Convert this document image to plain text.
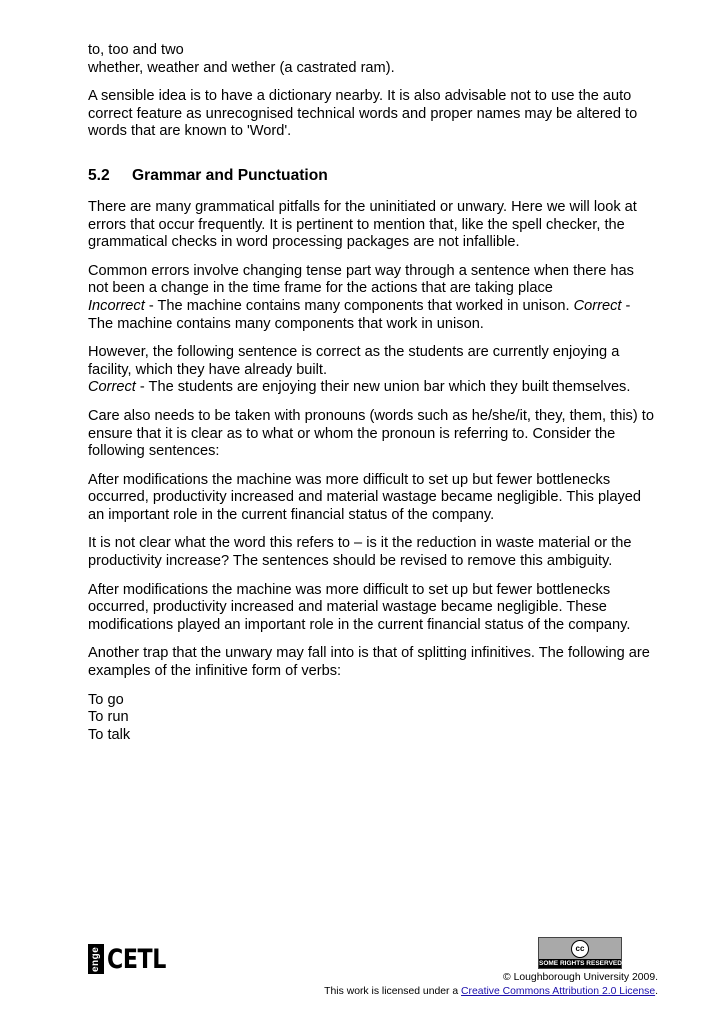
to, too and two
whether, weather and wether (a castrated ram).

A sensible idea is to have a dictionary nearby. It is also advisable not to use the auto
correct feature as unrecognised technical words and proper names may be altered to
words that are known to 'Word'.

5.2 Grammar and Punctuation

There are many grammatical pitfalls for the uninitiated or unwary. Here we will look at
errors that occur frequently. It is pertinent to mention that, like the spell checker, the
grammatical checks in word processing packages are not infallible.

Common errors involve changing tense part way through a sentence when there has
not been a change in the time frame for the actions that are taking place
Incorrect - The machine contains many components that worked in unison. Correct -
The machine contains many components that work in unison.

However, the following sentence is correct as the students are currently enjoying a
facility, which they have already built.
Correct - The students are enjoying their new union bar which they built themselves.

Care also needs to be taken with pronouns (words such as he/she/it, they, them, this) to
ensure that it is clear as to what or whom the pronoun is referring to. Consider the
following sentences:

After modifications the machine was more difficult to set up but fewer bottlenecks
occurred, productivity increased and material wastage became negligible. This played
an important role in the current financial status of the company.

It is not clear what the word this refers to – is it the reduction in waste material or the
productivity increase? The sentences should be revised to remove this ambiguity.

After modifications the machine was more difficult to set up but fewer bottlenecks
occurred, productivity increased and material wastage became negligible. These
modifications played an important role in the current financial status of the company.

Another trap that the unwary may fall into is that of splitting infinitives. The following are
examples of the infinitive form of verbs:

To go
To run
To talk

enge CETL	cc
SOME RIGHTS RESERVED
© Loughborough University 2009.
This work is licensed under a Creative Commons Attribution 2.0 License.
